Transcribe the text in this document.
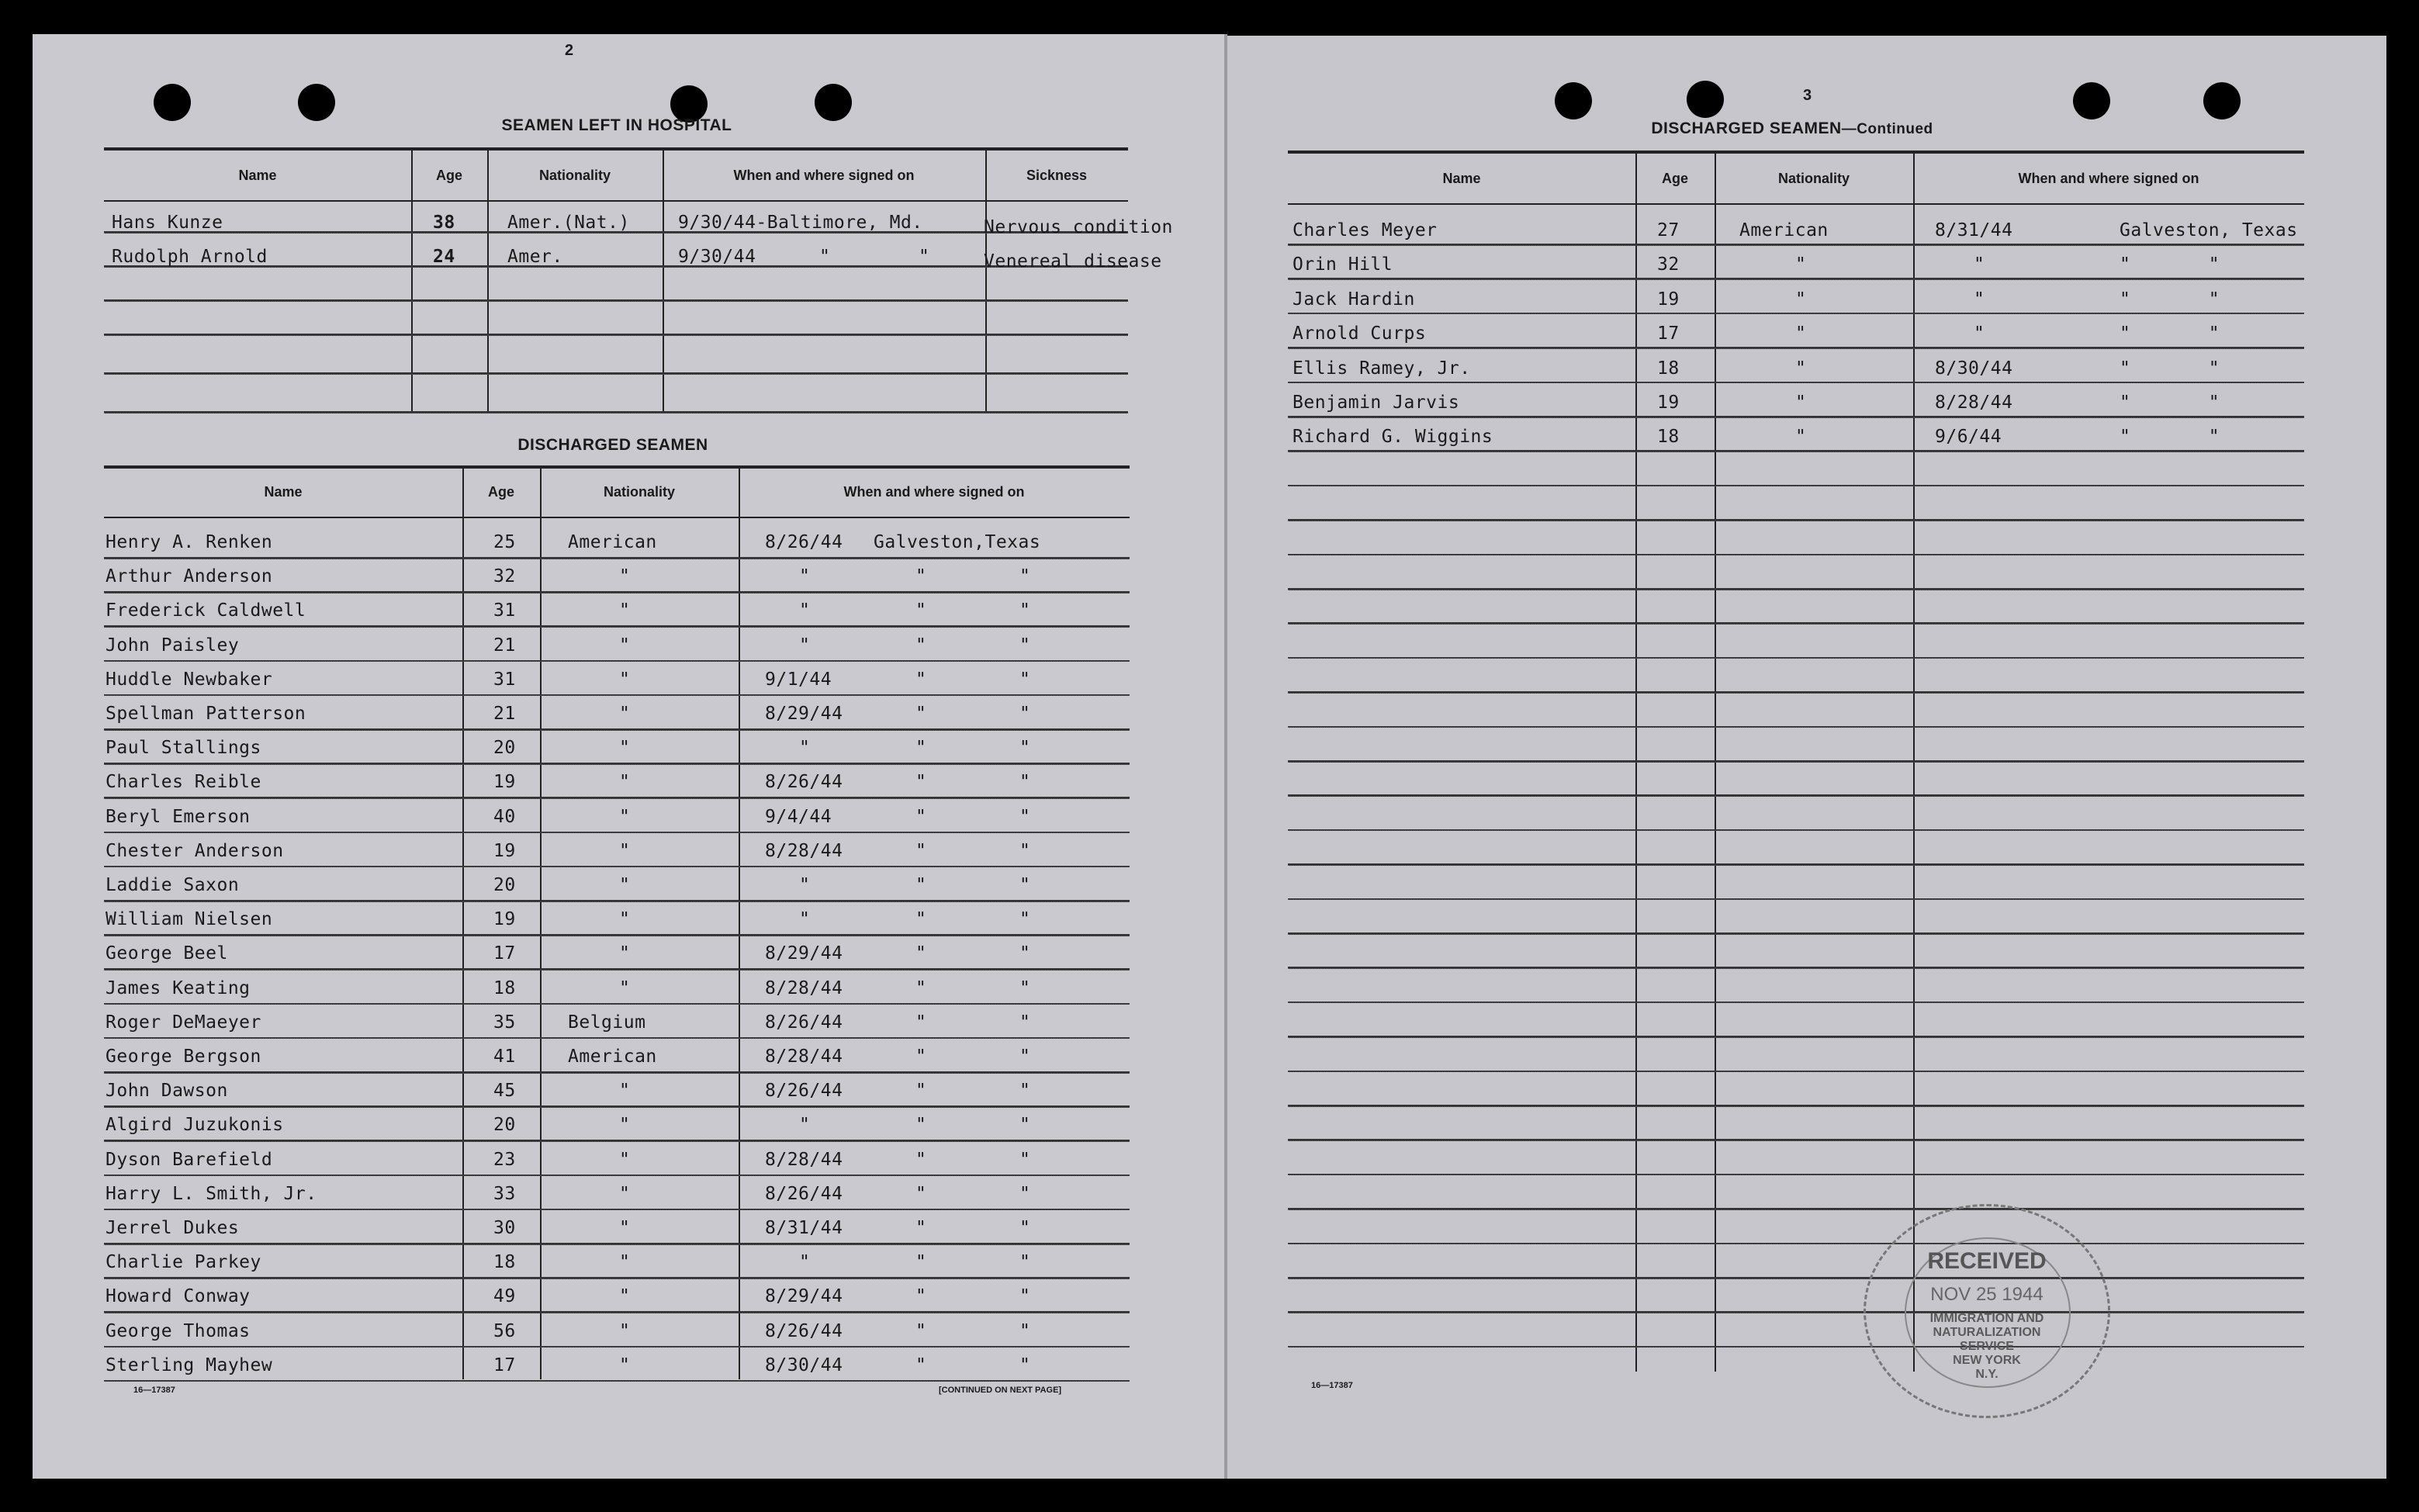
2
SEAMEN LEFT IN HOSPITAL
Name	Age	Nationality	When and where signed on	Sickness
Hans Kunze	38	Amer.(Nat.)	9/30/44-Baltimore, Md.	Nervous condition
Rudolph Arnold	24	Amer.	9/30/44	"	"	Venereal disease
DISCHARGED SEAMEN
Name	Age	Nationality	When and where signed on
Henry A. Renken	25	American	8/26/44 Galveston,Texas
Arthur Anderson	32	"	"	"	"
Frederick Caldwell	31	"	"	"	"
John Paisley	21	"	"	"	"
Huddle Newbaker	31	"	9/1/44	"	"
Spellman Patterson	21	"	8/29/44	"	"
Paul Stallings	20	"	"	"	"
Charles Reible	19	"	8/26/44	"	"
Beryl Emerson	40	"	9/4/44	"	"
Chester Anderson	19	"	8/28/44	"	"
Laddie Saxon	20	"	"	"	"
William Nielsen	19	"	"	"	"
George Beel	17	"	8/29/44	"	"
James Keating	18	"	8/28/44	"	"
Roger DeMaeyer	35	Belgium	8/26/44	"	"
George Bergson	41	American	8/28/44	"	"
John Dawson	45	"	8/26/44	"	"
Algird Juzukonis	20	"	"	"	"
Dyson Barefield	23	"	8/28/44	"	"
Harry L. Smith, Jr.	33	"	8/26/44	"	"
Jerrel Dukes	30	"	8/31/44	"	"
Charlie Parkey	18	"	"	"	"
Howard Conway	49	"	8/29/44	"	"
George Thomas	56	"	8/26/44	"	"
Sterling Mayhew	17	"	8/30/44	"	"
16—17387	[CONTINUED ON NEXT PAGE]
3
DISCHARGED SEAMEN—Continued
Name	Age	Nationality	When and where signed on
Charles Meyer	27	American	8/31/44	Galveston, Texas
Orin Hill	32	"	"	"       "
Jack Hardin	19	"	"	"       "
Arnold Curps	17	"	"	"       "
Ellis Ramey, Jr.	18	"	8/30/44	"       "
Benjamin Jarvis	19	"	8/28/44	"       "
Richard G. Wiggins	18	"	9/6/44	"       "
16—17387
RECEIVED
NOV 25 1944
IMMIGRATION AND
NATURALIZATION
SERVICE
NEW YORK
N.Y.
